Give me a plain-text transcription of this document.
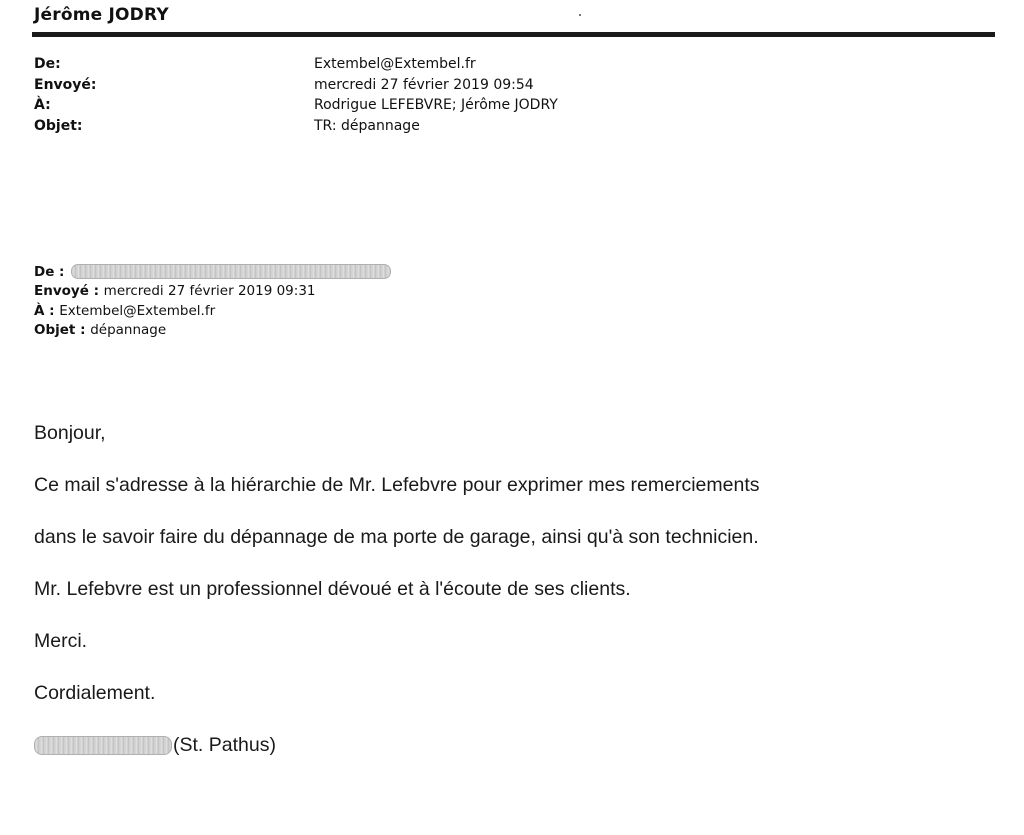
Jérôme JODRY
De:	Extembel@Extembel.fr
Envoyé:	mercredi 27 février 2019 09:54
À:	Rodrigue LEFEBVRE; Jérôme JODRY
Objet:	TR: dépannage
De :
Envoyé : mercredi 27 février 2019 09:31
À : Extembel@Extembel.fr
Objet : dépannage
Bonjour,
Ce mail s'adresse à la hiérarchie de Mr. Lefebvre pour exprimer mes remerciements
dans le savoir faire du dépannage de ma porte de garage, ainsi qu'à son technicien.
Mr. Lefebvre est un professionnel dévoué et à l'écoute de ses clients.
Merci.
Cordialement.
(St. Pathus)
